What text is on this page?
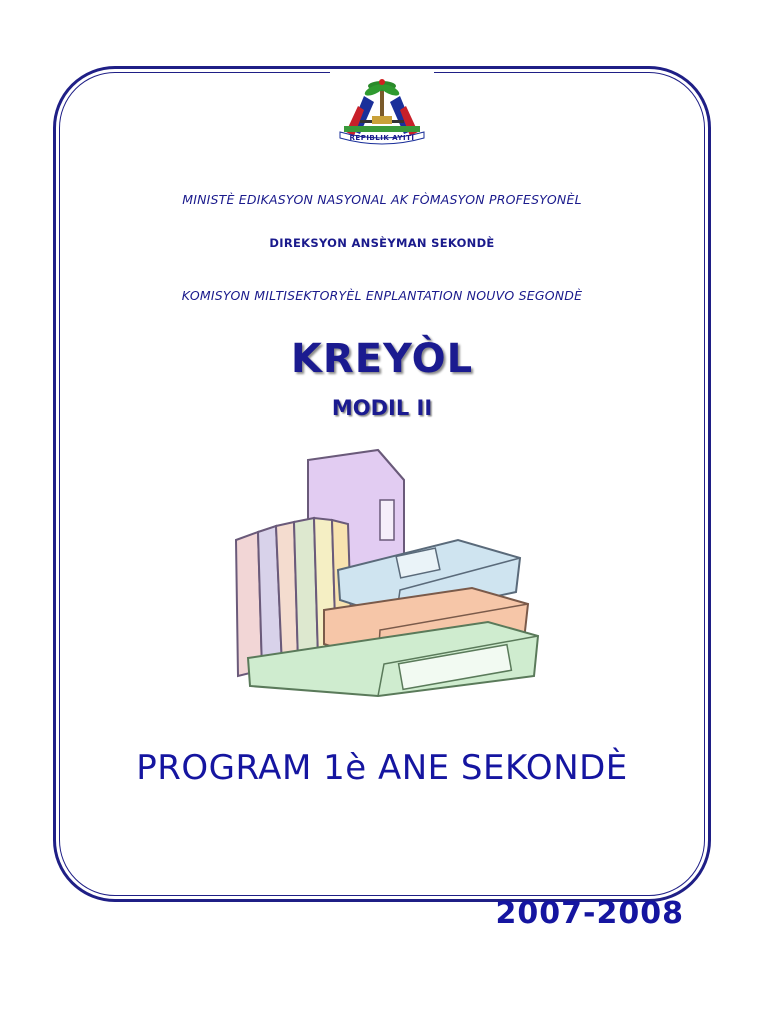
REPIBLIK AYITI
MINISTÈ EDIKASYON NASYONAL AK FÒMASYON PROFESYONÈL
DIREKSYON ANSÈYMAN SEKONDÈ
KOMISYON MILTISEKTORYÈL ENPLANTATION NOUVO SEGONDÈ
KREYÒL
MODIL II
PROGRAM 1è ANE SEKONDÈ
2007-2008
